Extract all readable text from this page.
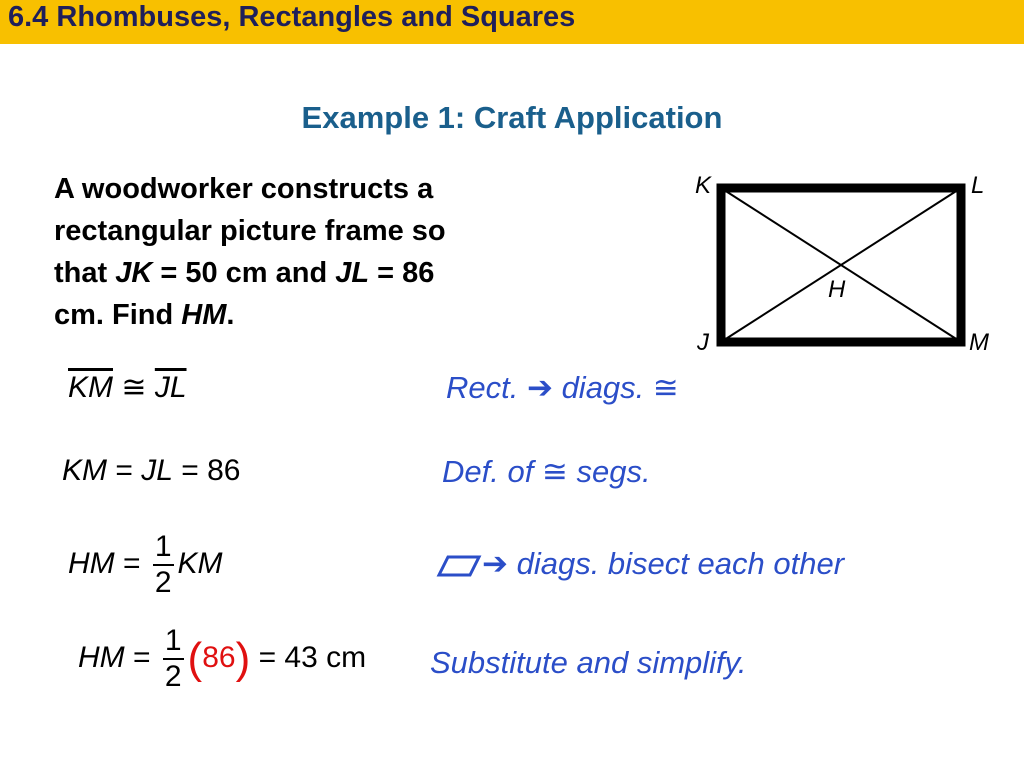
6.4 Rhombuses, Rectangles and Squares
Example 1: Craft Application
A woodworker constructs a
rectangular picture frame so
that JK = 50 cm and JL = 86
cm. Find HM.
K	L
J	M
H
$\overline{KM}$ ≅ $\overline{JL}$	Rect. ➔ diags. ≅
KM = JL = 86	Def. of ≅ segs.
HM = $\frac{1}{2}$ KM	➔ diags. bisect each other
HM = $\frac{1}{2} (86) = 43$ cm Substitute and simplify.
